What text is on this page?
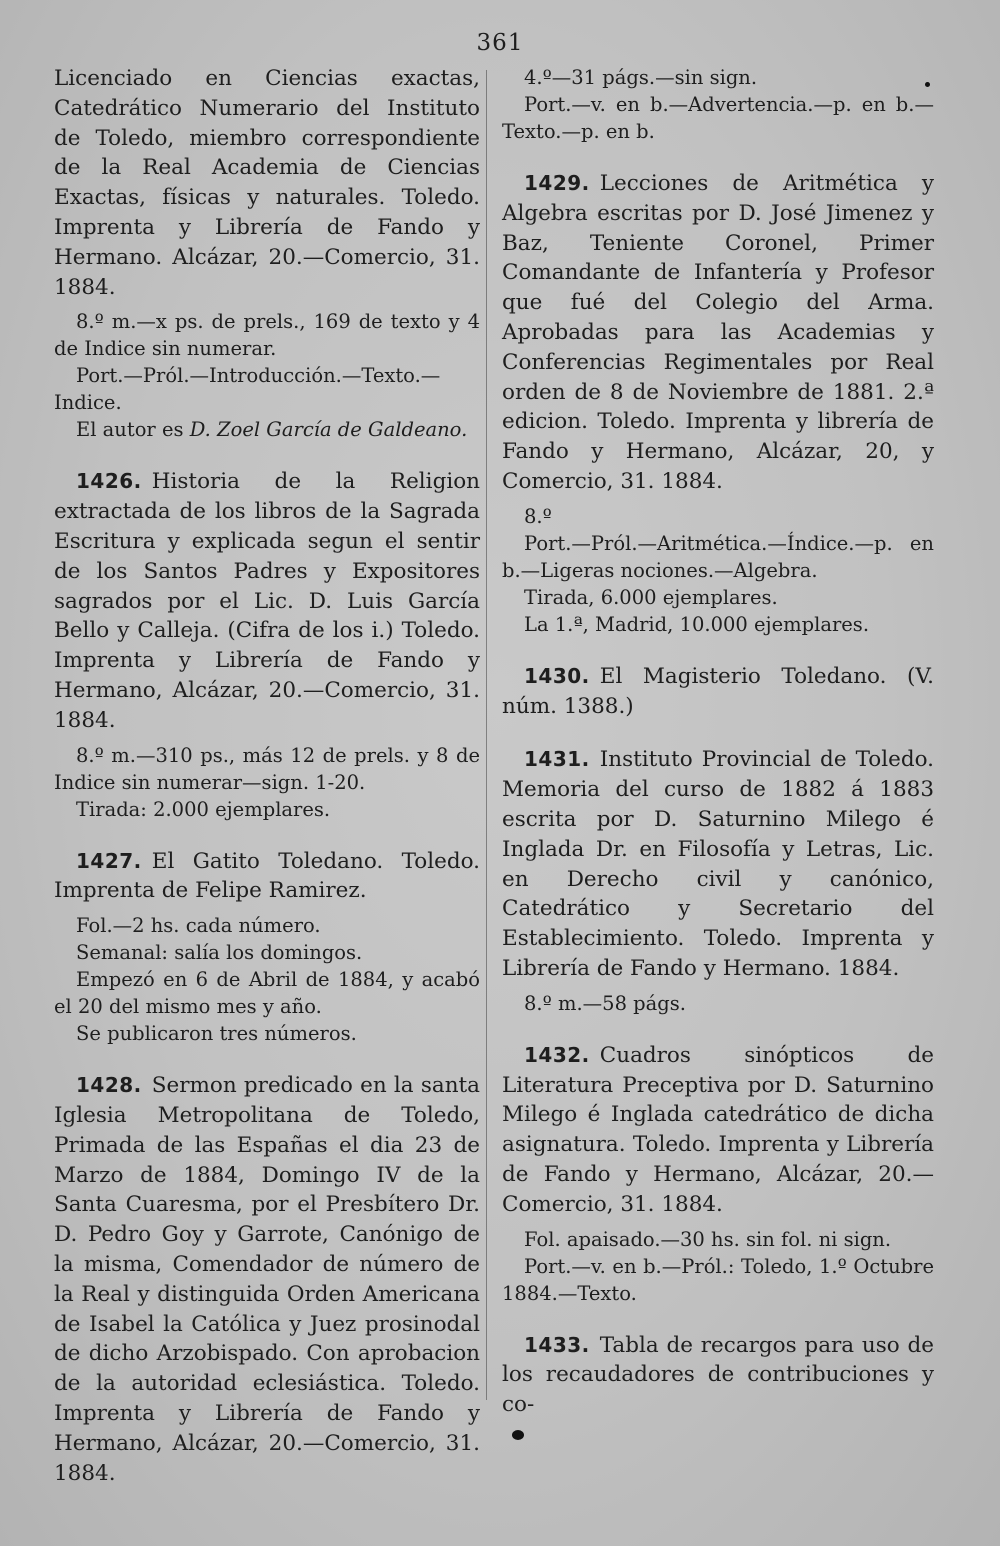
361

Licenciado en Ciencias exactas, Catedrático Numerario del Instituto de Toledo, miembro correspondiente de la Real Academia de Ciencias Exactas, físicas y naturales. Toledo. Imprenta y Librería de Fando y Hermano. Alcázar, 20.—Comercio, 31. 1884.

8.º m.—x ps. de prels., 169 de texto y 4 de Indice sin numerar.

Port.—Pról.—Introducción.—Texto.—Indice.

El autor es D. Zoel García de Galdeano.

1426. Historia de la Religion extractada de los libros de la Sagrada Escritura y explicada segun el sentir de los Santos Padres y Expositores sagrados por el Lic. D. Luis García Bello y Calleja. (Cifra de los i.) Toledo. Imprenta y Librería de Fando y Hermano, Alcázar, 20.—Comercio, 31. 1884.

8.º m.—310 ps., más 12 de prels. y 8 de Indice sin numerar—sign. 1-20.

Tirada: 2.000 ejemplares.

1427. El Gatito Toledano. Toledo. Imprenta de Felipe Ramirez.

Fol.—2 hs. cada número.

Semanal: salía los domingos.

Empezó en 6 de Abril de 1884, y acabó el 20 del mismo mes y año.

Se publicaron tres números.

1428. Sermon predicado en la santa Iglesia Metropolitana de Toledo, Primada de las Españas el dia 23 de Marzo de 1884, Domingo IV de la Santa Cuaresma, por el Presbítero Dr. D. Pedro Goy y Garrote, Canónigo de la misma, Comendador de número de la Real y distinguida Orden Americana de Isabel la Católica y Juez prosinodal de dicho Arzobispado. Con aprobacion de la autoridad eclesiástica. Toledo. Imprenta y Librería de Fando y Hermano, Alcázar, 20.—Comercio, 31. 1884.

4.º—31 págs.—sin sign.

Port.—v. en b.—Advertencia.—p. en b.—Texto.—p. en b.

1429. Lecciones de Aritmética y Algebra escritas por D. José Jimenez y Baz, Teniente Coronel, Primer Comandante de Infantería y Profesor que fué del Colegio del Arma. Aprobadas para las Academias y Conferencias Regimentales por Real orden de 8 de Noviembre de 1881. 2.ª edicion. Toledo. Imprenta y librería de Fando y Hermano, Alcázar, 20, y Comercio, 31. 1884.

8.º

Port.—Pról.—Aritmética.—Índice.—p. en b.—Ligeras nociones.—Algebra.

Tirada, 6.000 ejemplares.

La 1.ª, Madrid, 10.000 ejemplares.

1430. El Magisterio Toledano. (V. núm. 1388.)

1431. Instituto Provincial de Toledo. Memoria del curso de 1882 á 1883 escrita por D. Saturnino Milego é Inglada Dr. en Filosofía y Letras, Lic. en Derecho civil y canónico, Catedrático y Secretario del Establecimiento. Toledo. Imprenta y Librería de Fando y Hermano. 1884.

8.º m.—58 págs.

1432. Cuadros sinópticos de Literatura Preceptiva por D. Saturnino Milego é Inglada catedrático de dicha asignatura. Toledo. Imprenta y Librería de Fando y Hermano, Alcázar, 20.—Comercio, 31. 1884.

Fol. apaisado.—30 hs. sin fol. ni sign.

Port.—v. en b.—Pról.: Toledo, 1.º Octubre 1884.—Texto.

1433. Tabla de recargos para uso de los recaudadores de contribuciones y co-
